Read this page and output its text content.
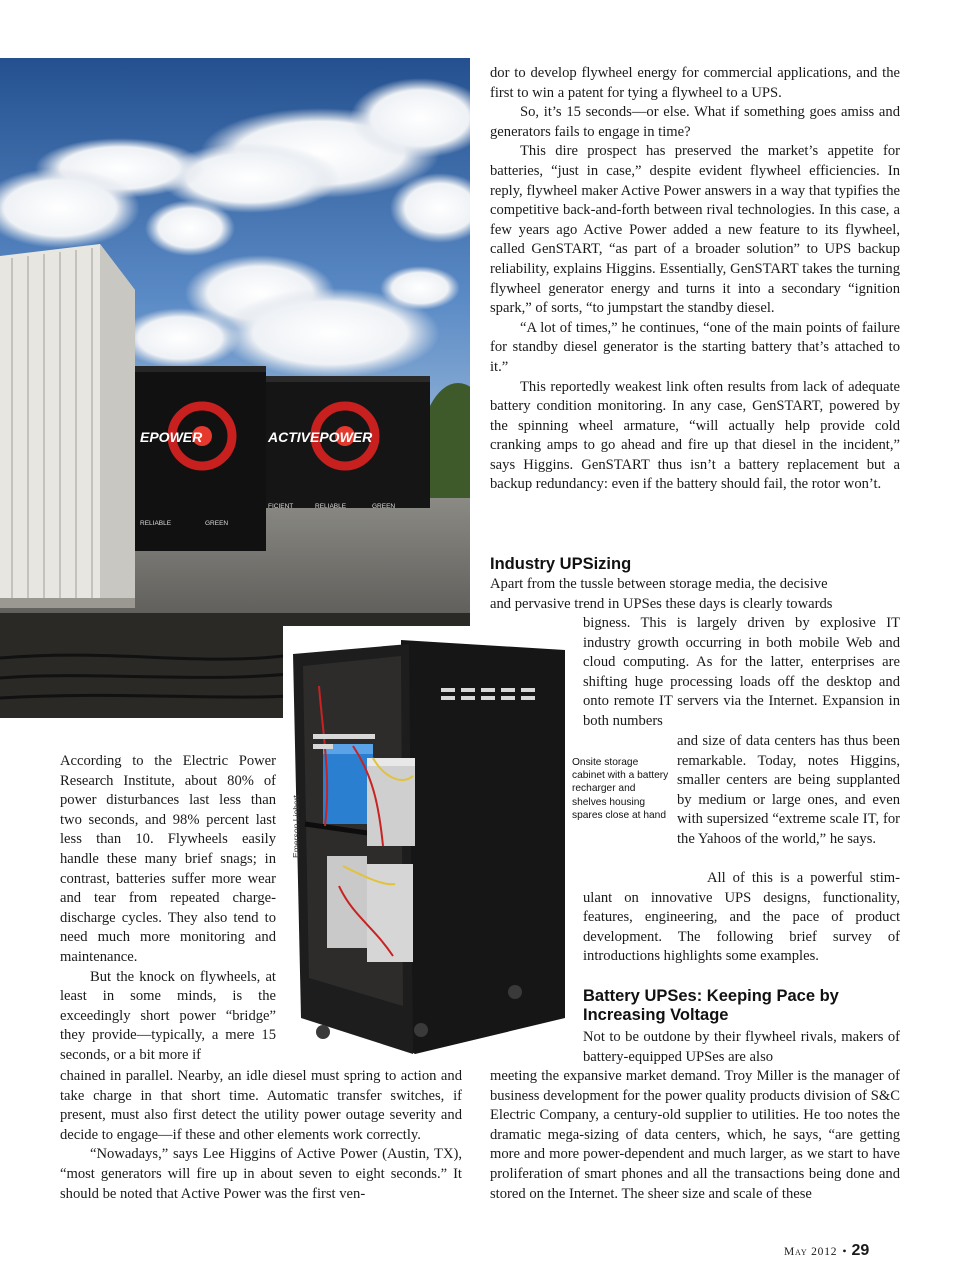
EPOWER	ACTIVEPOWER
RELIABLE	GREEN
FICIENT	RELIABLE	GREEN
Emerson Liebert
Onsite storage cabinet with a battery recharger and shelves housing spares close at hand

dor to develop flywheel energy for commercial applications, and the first to win a patent for tying a flywheel to a UPS.

So, it’s 15 seconds—or else. What if something goes amiss and generators fails to engage in time?

This dire prospect has preserved the market’s appetite for batteries, “just in case,” despite evident flywheel efficiencies. In reply, flywheel maker Active Power answers in a way that typifies the competitive back-and-forth between rival technologies. In this case, a few years ago Active Power added a new feature to its flywheel, called GenSTART, “as part of a broader solution” to UPS backup reliability, explains Higgins. Essentially, GenSTART takes the turning flywheel generator energy and turns it into a secondary “ignition spark,” of sorts, “to jumpstart the standby diesel.

“A lot of times,” he continues, “one of the main points of failure for standby diesel generator is the starting battery that’s attached to it.”

This reportedly weakest link often results from lack of adequate battery condition monitoring. In any case, GenSTART, powered by the spinning wheel armature, “will actually help provide cold cranking amps to go ahead and fire up that diesel in the incident,” says Higgins. GenSTART thus isn’t a battery replacement but a backup redundancy: even if the battery should fail, the rotor won’t.

Industry UPSizing

Apart from the tussle between storage media, the decisive

and pervasive trend in UPSes these days is clearly towards

bigness. This is largely driven by explosive IT industry growth occurring in both mobile Web and cloud computing. As for the latter, enterprises are shifting huge processing loads off the desktop and onto remote IT servers via the Internet. Expansion in both numbers

and size of data centers has thus been remarkable. Today, notes Higgins, smaller centers are being supplanted by medium or large ones, and even with supersized “extreme scale IT, for the Yahoos of the world,” he says.

All of this is a powerful stimulant on innovative UPS designs, functionality, features, engineering, and the pace of product development. The following brief survey of introductions highlights some examples.

Battery UPSes: Keeping Pace by Increasing Voltage

Not to be outdone by their flywheel rivals, makers of battery-equipped UPSes are also

meeting the expansive market demand. Troy Miller is the manager of business development for the power quality products division of S&C Electric Company, a century-old supplier to utilities. He too notes the dramatic mega-sizing of data centers, which, he says, “are getting more and more power-dependent and much larger, as we start to have proliferation of smart phones and all the transactions being done and stored on the Internet. The sheer size and scale of these

According to the Electric Power Research Institute, about 80% of power disturbances last less than two seconds, and 98% percent last less than 10. Flywheels easily handle these many brief snags; in contrast, batteries suffer more wear and tear from repeated charge-discharge cycles. They also tend to need much more monitoring and maintenance.

But the knock on flywheels, at least in some minds, is the exceedingly short power “bridge” they provide—typically, a mere 15 seconds, or a bit more if

chained in parallel. Nearby, an idle diesel must spring to action and take charge in that short time. Automatic transfer switches, if present, must also first detect the utility power outage severity and decide to engage—if these and other elements work correctly.

“Nowadays,” says Lee Higgins of Active Power (Austin, TX), “most generators will fire up in about seven to eight seconds.” It should be noted that Active Power was the first ven-

May 2012 • 29
